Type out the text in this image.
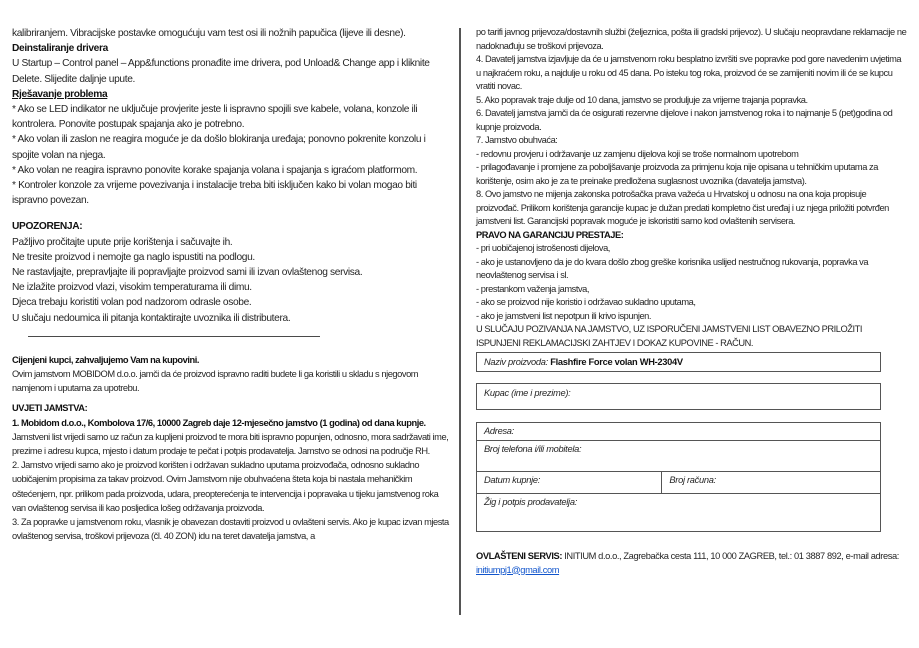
kalibriranjem. Vibracijske postavke omogućuju vam test osi ili nožnih papučica (lijeve ili desne).

Deinstaliranje drivera

U Startup – Control panel – App&functions pronađite ime drivera, pod Unload& Change app i kliknite Delete. Slijedite daljnje upute.

Rješavanje problema

* Ako se LED indikator ne uključuje provjerite jeste li ispravno spojili sve kabele, volana, konzole ili kontrolera. Ponovite postupak spajanja ako je potrebno.

* Ako volan ili zaslon ne reagira moguće je da došlo blokiranja uređaja; ponovno pokrenite konzolu i spojite volan na njega.

* Ako volan ne reagira ispravno ponovite korake spajanja volana i spajanja s igraćom platformom.

* Kontroler konzole za vrijeme povezivanja i instalacije treba biti isključen kako bi volan mogao biti ispravno povezan.

UPOZORENJA:

Pažljivo pročitajte upute prije korištenja i sačuvajte ih.

Ne tresite proizvod i nemojte ga naglo ispustiti na podlogu.

Ne rastavljajte, prepravljajte ili popravljajte proizvod sami ili izvan ovlaštenog servisa.

Ne izlažite proizvod vlazi, visokim temperaturama ili dimu.

Djeca trebaju koristiti volan pod nadzorom odrasle osobe.

U slučaju nedoumica ili pitanja kontaktirajte uvoznika ili distributera.

Cijenjeni kupci, zahvaljujemo Vam na kupovini.

Ovim jamstvom MOBIDOM d.o.o. jamči da će proizvod ispravno raditi budete li ga koristili u skladu s njegovom namjenom i uputama za upotrebu.

UVJETI JAMSTVA:

1. Mobidom d.o.o., Kombolova 17/6, 10000 Zagreb daje 12-mjesečno jamstvo (1 godina) od dana kupnje.

Jamstveni list vrijedi samo uz račun za kupljeni proizvod te mora biti ispravno popunjen, odnosno, mora sadržavati ime, prezime i adresu kupca, mjesto i datum prodaje te pečat i potpis prodavatelja. Jamstvo se odnosi na područje RH.

2. Jamstvo vrijedi samo ako je proizvod korišten i održavan sukladno uputama proizvođača, odnosno sukladno uobičajenim propisima za takav proizvod. Ovim Jamstvom nije obuhvaćena šteta koja bi nastala mehaničkim oštećenjem, npr. prilikom pada proizvoda, udara, preopterećenja te intervencija i popravaka u tijeku jamstvenog roka van ovlaštenog servisa ili kao posljedica lošeg održavanja proizvoda.

3. Za popravke u jamstvenom roku, vlasnik je obavezan dostaviti proizvod u ovlašteni servis. Ako je kupac izvan mjesta ovlaštenog servisa, troškovi prijevoza (čl. 40 ZON) idu na teret davatelja jamstva, a

po tarifi javnog prijevoza/dostavnih službi (željeznica, pošta ili gradski prijevoz). U slučaju neopravdane reklamacije ne nadoknađuju se troškovi prijevoza.

4. Davatelj jamstva izjavljuje da će u jamstvenom roku besplatno izvršiti sve popravke pod gore navedenim uvjetima u najkraćem roku, a najdulje u roku od 45 dana. Po isteku tog roka, proizvod će se zamijeniti novim ili će se kupcu vratiti novac.

5. Ako popravak traje dulje od 10 dana, jamstvo se produljuje za vrijeme trajanja popravka.

6. Davatelj jamstva jamči da će osigurati rezervne dijelove i nakon jamstvenog roka i to najmanje 5 (pet)godina od kupnje proizvoda.

7. Jamstvo obuhvaća:

- redovnu provjeru i održavanje uz zamjenu dijelova koji se troše normalnom upotrebom

- prilagođavanje i promjene za poboljšavanje proizvoda za primjenu koja nije opisana u tehničkim uputama za korištenje, osim ako je za te preinake predložena suglasnost uvoznika (davatelja jamstva).

8. Ovo jamstvo ne mijenja zakonska potrošačka prava važeća u Hrvatskoj u odnosu na ona koja propisuje proizvođač. Prilikom korištenja garancije kupac je dužan predati kompletno čist uređaj i uz njega priložiti potvrđen jamstveni list. Garancijski popravak moguće je iskoristiti samo kod ovlaštenih servisera.

PRAVO NA GARANCIJU PRESTAJE:

- pri uobičajenoj istrošenosti dijelova,

- ako je ustanovljeno da je do kvara došlo zbog greške korisnika uslijed nestručnog rukovanja, popravka va neovlaštenog servisa i sl.

- prestankom važenja jamstva,

- ako se proizvod nije koristio i održavao sukladno uputama,

- ako je jamstveni list nepotpun ili krivo ispunjen.

U SLUČAJU POZIVANJA NA JAMSTVO, UZ ISPORUČENI JAMSTVENI LIST OBAVEZNO PRILOŽITI ISPUNJENI REKLAMACIJSKI ZAHTJEV I DOKAZ KUPOVINE - RAČUN.

Naziv proizvoda: Flashfire Force volan WH-2304V
Kupac (ime i prezime):
Adresa:
Broj telefona i/ili mobitela:
Datum kupnje:	Broj računa:
Žig i potpis prodavatelja:

OVLAŠTENI SERVIS: INITIUM d.o.o., Zagrebačka cesta 111, 10 000 ZAGREB, tel.: 01 3887 892, e-mail adresa:
initiumpj1@gmail.com
